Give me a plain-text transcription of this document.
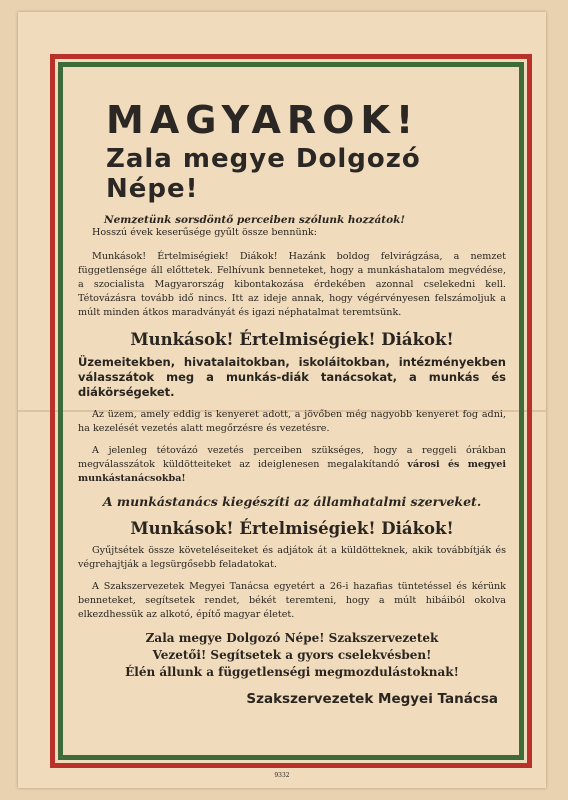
MAGYAROK!
Zala megye Dolgozó Népe!
Nemzetünk sorsdöntő perceiben szólunk hozzátok!
Hosszú évek keserűsége gyűlt össze bennünk:
Munkások! Értelmiségiek! Diákok! Hazánk boldog felvirágzása, a nemzet függetlensége áll előttetek. Felhívunk benneteket, hogy a munkáshatalom megvédése, a szocialista Magyarország kibontakozása érdekében azonnal cselekedni kell. Tétovázásra tovább idő nincs. Itt az ideje annak, hogy végérvényesen felszámoljuk a múlt minden átkos maradványát és igazi néphatalmat teremtsünk.
Munkások! Értelmiségiek! Diákok!
Üzemeitekben, hivatalaitokban, iskoláitokban, intézményekben válasszátok meg a munkás-diák tanácsokat, a munkás és diákörségeket.
Az üzem, amely eddig is kenyeret adott, a jövőben még nagyobb kenyeret fog adni, ha kezelését vezetés alatt megőrzésre és vezetésre.
A jelenleg tétovázó vezetés perceiben szükséges, hogy a reggeli órákban megválasszátok küldötteiteket az ideiglenesen megalakítandó városi és megyei munkástanácsokba!
A munkástanács kiegészíti az államhatalmi szerveket.
Munkások! Értelmiségiek! Diákok!
Gyűjtsétek össze követeléseiteket és adjátok át a küldötteknek, akik továbbítják és végrehajtják a legsürgősebb feladatokat.
A Szakszervezetek Megyei Tanácsa egyetért a 26-i hazafias tüntetéssel és kérünk benneteket, segítsetek rendet, békét teremteni, hogy a múlt hibáiból okolva elkezdhessük az alkotó, építő magyar életet.
Zala megye Dolgozó Népe! Szakszervezetek
Vezetői! Segítsetek a gyors cselekvésben!
Élén állunk a függetlenségi megmozdulástoknak!
Szakszervezetek Megyei Tanácsa
9332
